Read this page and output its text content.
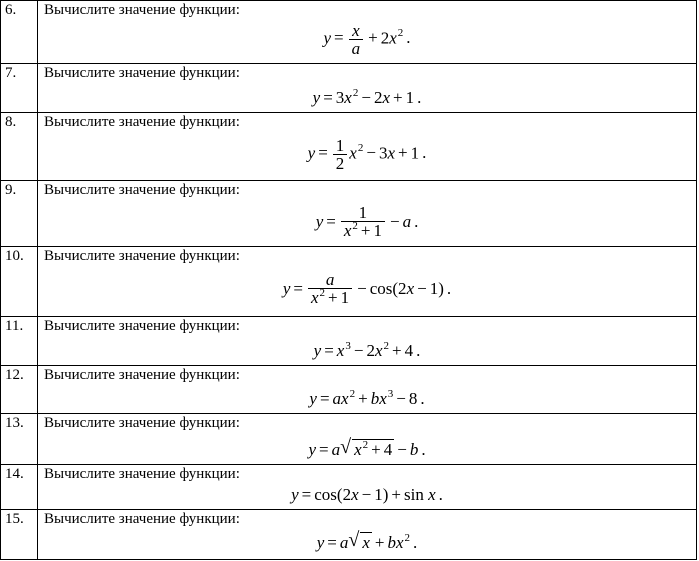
6.	Вычислите значение функции:
$y = \frac{x}{a} + 2x^2$ .

7.	Вычислите значение функции:
$y = 3x^2 - 2x + 1$ .

8.	Вычислите значение функции:
$y = \frac{1}{2} x^2 - 3x + 1$ .

9.	Вычислите значение функции:
$y = \frac{1}{x^2 + 1} - a$ .

10.	Вычислите значение функции:
$y = \frac{a}{x^2 + 1} - \cos(2x - 1)$ .

11.	Вычислите значение функции:
$y = x^3 - 2x^2 + 4$ .

12.	Вычислите значение функции:
$y = ax^2 + bx^3 - 8$ .

13.	Вычислите значение функции:
y = a √ $x^2 + 4 - b$ .

14.	Вычислите значение функции:
y = cos(2x − 1) + sin x .

15.	Вычислите значение функции:
y = a √ $x + bx^2$ .
